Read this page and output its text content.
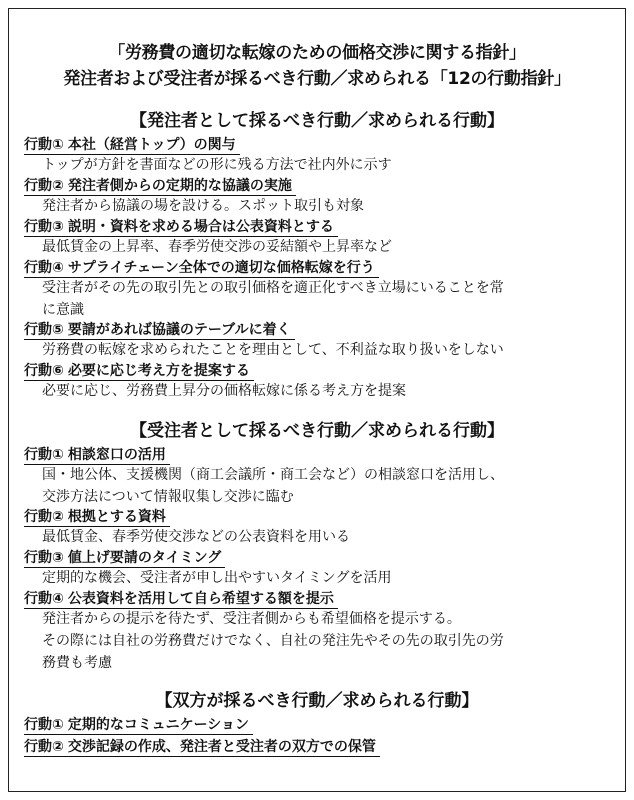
「労務費の適切な転嫁のための価格交渉に関する指針」
発注者および受注者が採るべき行動／求められる「12の行動指針」
【発注者として採るべき行動／求められる行動】
行動① 本社（経営トップ）の関与
トップが方針を書面などの形に残る方法で社内外に示す
行動② 発注者側からの定期的な協議の実施
発注者から協議の場を設ける。スポット取引も対象
行動③ 説明・資料を求める場合は公表資料とする
最低賃金の上昇率、春季労使交渉の妥結額や上昇率など
行動④ サプライチェーン全体での適切な価格転嫁を行う
受注者がその先の取引先との取引価格を適正化すべき立場にいることを常
に意識
行動⑤ 要請があれば協議のテーブルに着く
労務費の転嫁を求められたことを理由として、不利益な取り扱いをしない
行動⑥ 必要に応じ考え方を提案する
必要に応じ、労務費上昇分の価格転嫁に係る考え方を提案
【受注者として採るべき行動／求められる行動】
行動① 相談窓口の活用
国・地公体、支援機関（商工会議所・商工会など）の相談窓口を活用し、
交渉方法について情報収集し交渉に臨む
行動② 根拠とする資料
最低賃金、春季労使交渉などの公表資料を用いる
行動③ 値上げ要請のタイミング
定期的な機会、受注者が申し出やすいタイミングを活用
行動④ 公表資料を活用して自ら希望する額を提示
発注者からの提示を待たず、受注者側からも希望価格を提示する。
その際には自社の労務費だけでなく、自社の発注先やその先の取引先の労
務費も考慮
【双方が採るべき行動／求められる行動】
行動① 定期的なコミュニケーション
行動② 交渉記録の作成、発注者と受注者の双方での保管
